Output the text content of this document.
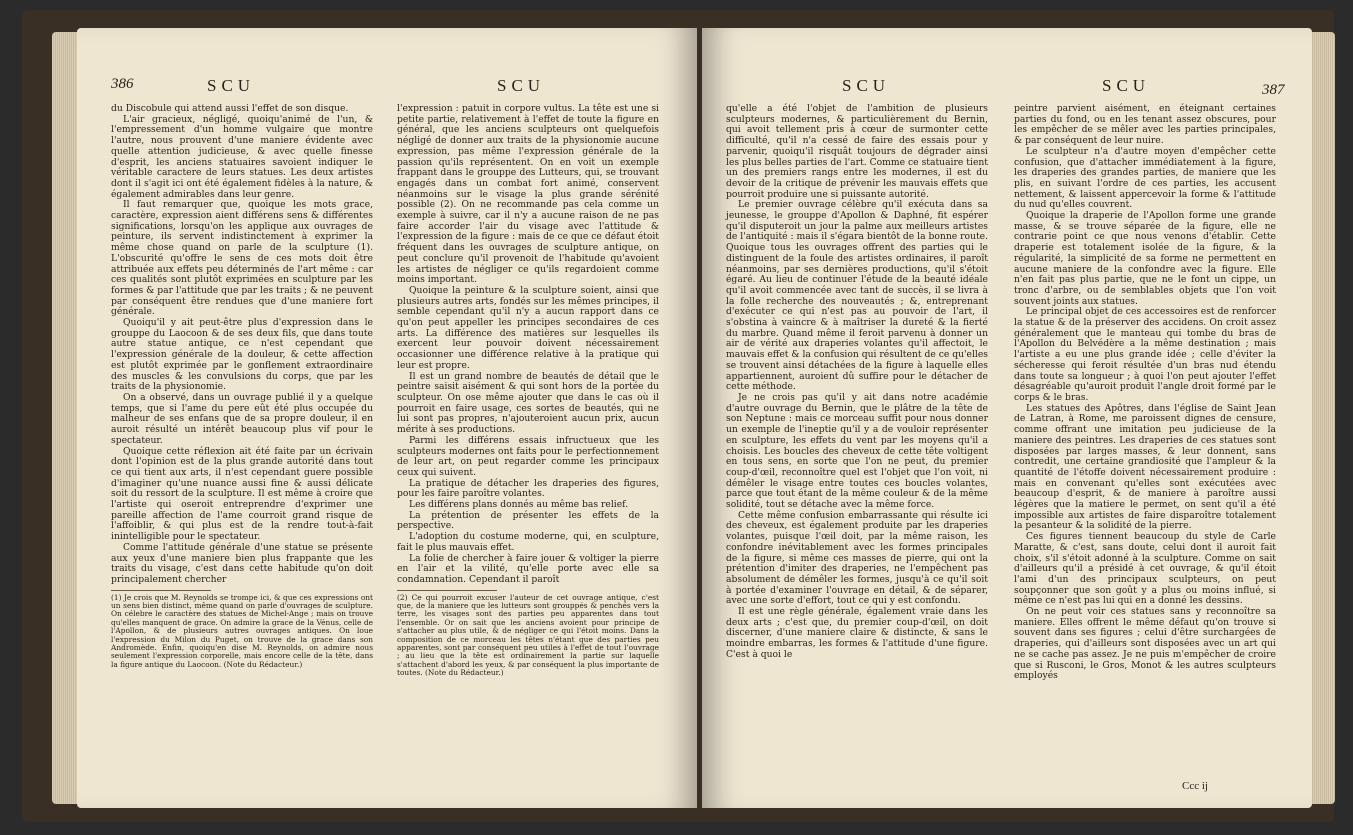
386	SCU	SCU

du Discobule qui attend aussi l'effet de son disque.

L'air gracieux, négligé, quoiqu'animé de l'un, & l'empressement d'un homme vulgaire que montre l'autre, nous prouvent d'une maniere évidente avec quelle attention judicieuse, & avec quelle finesse d'esprit, les anciens statuaires savoient indiquer le véritable caractere de leurs statues. Les deux artistes dont il s'agit ici ont été également fidèles à la nature, & également admirables dans leur genre.

Il faut remarquer que, quoique les mots grace, caractère, expression aient différens sens & différentes significations, lorsqu'on les applique aux ouvrages de peinture, ils servent indistinctement à exprimer la même chose quand on parle de la sculpture (1). L'obscurité qu'offre le sens de ces mots doit être attribuée aux effets peu déterminés de l'art même : car ces qualités sont plutôt exprimées en sculpture par les formes & par l'attitude que par les traits ; & ne peuvent par conséquent être rendues que d'une maniere fort générale.

Quoiqu'il y ait peut-être plus d'expression dans le grouppe du Laocoon & de ses deux fils, que dans toute autre statue antique, ce n'est cependant que l'expression générale de la douleur, & cette affection est plutôt exprimée par le gonflement extraordinaire des muscles & les convulsions du corps, que par les traits de la physionomie.

On a observé, dans un ouvrage publié il y a quelque temps, que si l'ame du pere eût été plus occupée du malheur de ses enfans que de sa propre douleur, il en auroit résulté un intérêt beaucoup plus vif pour le spectateur.

Quoique cette réflexion ait été faite par un écrivain dont l'opinion est de la plus grande autorité dans tout ce qui tient aux arts, il n'est cependant guere possible d'imaginer qu'une nuance aussi fine & aussi délicate soit du ressort de la sculpture. Il est même à croire que l'artiste qui oseroit entreprendre d'exprimer une pareille affection de l'ame courroit grand risque de l'affoiblir, & qui plus est de la rendre tout-à-fait inintelligible pour le spectateur.

Comme l'attitude générale d'une statue se présente aux yeux d'une maniere bien plus frappante que les traits du visage, c'est dans cette habitude qu'on doit principalement chercher

(1) Je crois que M. Reynolds se trompe ici, & que ces expressions ont un sens bien distinct, même quand on parle d'ouvrages de sculpture. On célebre le caractère des statues de Michel-Ange ; mais on trouve qu'elles manquent de grace. On admire la grace de la Vénus, celle de l'Apollon, & de plusieurs autres ouvrages antiques. On loue l'expression du Milon du Puget, on trouve de la grace dans son Andromède. Enfin, quoiqu'en dise M. Reynolds, on admire nous seulement l'expression corporelle, mais encore celle de la tête, dans la figure antique du Laocoon. (Note du Rédacteur.)

l'expression : patuit in corpore vultus. La tête est une si petite partie, relativement à l'effet de toute la figure en général, que les anciens sculpteurs ont quelquefois négligé de donner aux traits de la physionomie aucune expression, pas même l'expression générale de la passion qu'ils représentent. On en voit un exemple frappant dans le grouppe des Lutteurs, qui, se trouvant engagés dans un combat fort animé, conservent néanmoins sur le visage la plus grande sérénité possible (2). On ne recommande pas cela comme un exemple à suivre, car il n'y a aucune raison de ne pas faire accorder l'air du visage avec l'attitude & l'expression de la figure : mais de ce que ce défaut étoit fréquent dans les ouvrages de sculpture antique, on peut conclure qu'il provenoit de l'habitude qu'avoient les artistes de négliger ce qu'ils regardoient comme moins important.

Quoique la peinture & la sculpture soient, ainsi que plusieurs autres arts, fondés sur les mêmes principes, il semble cependant qu'il n'y a aucun rapport dans ce qu'on peut appeller les principes secondaires de ces arts. La différence des matières sur lesquelles ils exercent leur pouvoir doivent nécessairement occasionner une différence relative à la pratique qui leur est propre.

Il est un grand nombre de beautés de détail que le peintre saisit aisément & qui sont hors de la portée du sculpteur. On ose même ajouter que dans le cas où il pourroit en faire usage, ces sortes de beautés, qui ne lui sont pas propres, n'ajouteroient aucun prix, aucun mérite à ses productions.

Parmi les différens essais infructueux que les sculpteurs modernes ont faits pour le perfectionnement de leur art, on peut regarder comme les principaux ceux qui suivent.

La pratique de détacher les draperies des figures, pour les faire paroître volantes.

Les différens plans donnés au même bas relief.

La prétention de présenter les effets de la perspective.

L'adoption du costume moderne, qui, en sculpture, fait le plus mauvais effet.

La folie de chercher à faire jouer & voltiger la pierre en l'air et la vilité, qu'elle porte avec elle sa condamnation. Cependant il paroît

(2) Ce qui pourroit excuser l'auteur de cet ouvrage antique, c'est que, de la maniere que les lutteurs sont grouppés & penchés vers la terre, les visages sont des parties peu apparentes dans tout l'ensemble. Or on sait que les anciens avoient pour principe de s'attacher au plus utile, & de négliger ce qui l'étoit moins. Dans la composition de ce morceau les têtes n'étant que des parties peu apparentes, sont par conséquent peu utiles à l'effet de tout l'ouvrage ; au lieu que la tête est ordinairement la partie sur laquelle s'attachent d'abord les yeux, & par conséquent la plus importante de toutes. (Note du Rédacteur.)
SCU	SCU	387

qu'elle a été l'objet de l'ambition de plusieurs sculpteurs modernes, & particulièrement du Bernin, qui avoit tellement pris à cœur de surmonter cette difficulté, qu'il n'a cessé de faire des essais pour y parvenir, quoiqu'il risquât toujours de dégrader ainsi les plus belles parties de l'art. Comme ce statuaire tient un des premiers rangs entre les modernes, il est du devoir de la critique de prévenir les mauvais effets que pourroit produire une si puissante autorité.

Le premier ouvrage célèbre qu'il exécuta dans sa jeunesse, le grouppe d'Apollon & Daphné, fit espérer qu'il disputeroit un jour la palme aux meilleurs artistes de l'antiquité : mais il s'égara bientôt de la bonne route. Quoique tous les ouvrages offrent des parties qui le distinguent de la foule des artistes ordinaires, il paroît néanmoins, par ses dernières productions, qu'il s'étoit égaré. Au lieu de continuer l'étude de la beauté idéale qu'il avoit commencée avec tant de succès, il se livra à la folle recherche des nouveautés ; &, entreprenant d'exécuter ce qui n'est pas au pouvoir de l'art, il s'obstina à vaincre & à maîtriser la dureté & la fierté du marbre. Quand même il feroit parvenu à donner un air de vérité aux draperies volantes qu'il affectoit, le mauvais effet & la confusion qui résultent de ce qu'elles se trouvent ainsi détachées de la figure à laquelle elles appartiennent, auroient dû suffire pour le détacher de cette méthode.

Je ne crois pas qu'il y ait dans notre académie d'autre ouvrage du Bernin, que le plâtre de la tête de son Neptune : mais ce morceau suffit pour nous donner un exemple de l'ineptie qu'il y a de vouloir représenter en sculpture, les effets du vent par les moyens qu'il a choisis. Les boucles des cheveux de cette tête voltigent en tous sens, en sorte que l'on ne peut, du premier coup-d'œil, reconnoître quel est l'objet que l'on voit, ni démêler le visage entre toutes ces boucles volantes, parce que tout étant de la même couleur & de la même solidité, tout se détache avec la même force.

Cette même confusion embarrassante qui résulte ici des cheveux, est également produite par les draperies volantes, puisque l'œil doit, par la même raison, les confondre inévitablement avec les formes principales de la figure, si même ces masses de pierre, qui ont la prétention d'imiter des draperies, ne l'empêchent pas absolument de démêler les formes, jusqu'à ce qu'il soit à portée d'examiner l'ouvrage en détail, & de séparer, avec une sorte d'effort, tout ce qui y est confondu.

Il est une règle générale, également vraie dans les deux arts ; c'est que, du premier coup-d'œil, on doit discerner, d'une maniere claire & distincte, & sans le moindre embarras, les formes & l'attitude d'une figure. C'est à quoi le

peintre parvient aisément, en éteignant certaines parties du fond, ou en les tenant assez obscures, pour les empêcher de se mêler avec les parties principales, & par conséquent de leur nuire.

Le sculpteur n'a d'autre moyen d'empêcher cette confusion, que d'attacher immédiatement à la figure, les draperies des grandes parties, de maniere que les plis, en suivant l'ordre de ces parties, les accusent nettement, & laissent appercevoir la forme & l'attitude du nud qu'elles couvrent.

Quoique la draperie de l'Apollon forme une grande masse, & se trouve séparée de la figure, elle ne contrarie point ce que nous venons d'établir. Cette draperie est totalement isolée de la figure, & la régularité, la simplicité de sa forme ne permettent en aucune maniere de la confondre avec la figure. Elle n'en fait pas plus partie, que ne le font un cippe, un tronc d'arbre, ou de semblables objets que l'on voit souvent joints aux statues.

Le principal objet de ces accessoires est de renforcer la statue & de la préserver des accidens. On croit assez généralement que le manteau qui tombe du bras de l'Apollon du Belvédère a la même destination ; mais l'artiste a eu une plus grande idée ; celle d'éviter la sécheresse qui feroit résultée d'un bras nud étendu dans toute sa longueur ; à quoi l'on peut ajouter l'effet désagréable qu'auroit produit l'angle droit formé par le corps & le bras.

Les statues des Apôtres, dans l'église de Saint Jean de Latran, à Rome, me paroissent dignes de censure, comme offrant une imitation peu judicieuse de la maniere des peintres. Les draperies de ces statues sont disposées par larges masses, & leur donnent, sans contredit, une certaine grandiosité que l'ampleur & la quantité de l'étoffe doivent nécessairement produire : mais en convenant qu'elles sont exécutées avec beaucoup d'esprit, & de maniere à paroître aussi légères que la matiere le permet, on sent qu'il a été impossible aux artistes de faire disparoître totalement la pesanteur & la solidité de la pierre.

Ces figures tiennent beaucoup du style de Carle Maratte, & c'est, sans doute, celui dont il auroit fait choix, s'il s'étoit adonné à la sculpture. Comme on sait d'ailleurs qu'il a présidé à cet ouvrage, & qu'il étoit l'ami d'un des principaux sculpteurs, on peut soupçonner que son goût y a plus ou moins influé, si même ce n'est pas lui qui en a donné les dessins.

On ne peut voir ces statues sans y reconnoître sa maniere. Elles offrent le même défaut qu'on trouve si souvent dans ses figures ; celui d'être surchargées de draperies, qui d'ailleurs sont disposées avec un art qui ne se cache pas assez. Je ne puis m'empêcher de croire que si Rusconi, le Gros, Monot & les autres sculpteurs employés

Ccc ij
